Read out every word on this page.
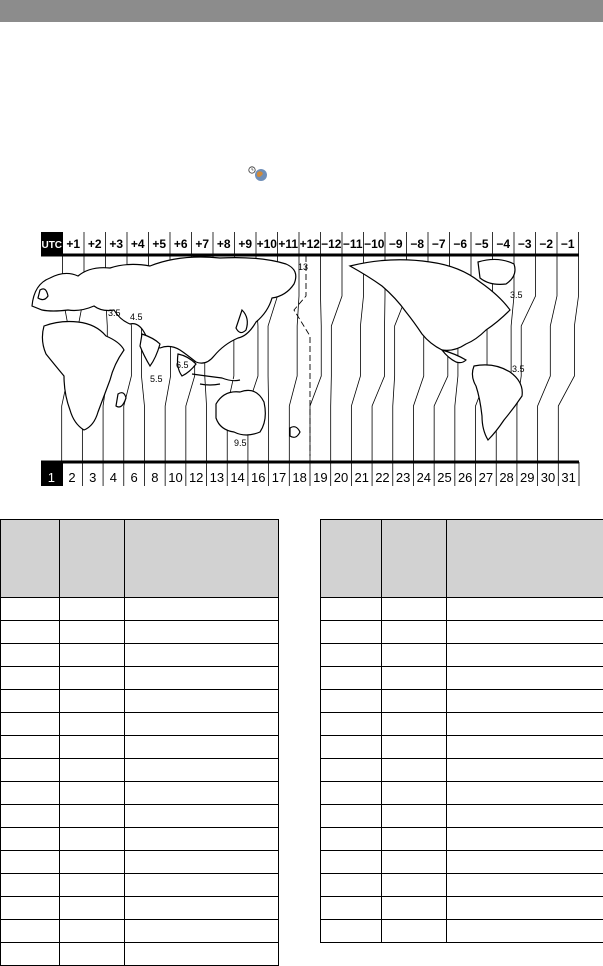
UTC +1 +2 +3 +4 +5 +6 +7 +8 +9 +10 +11 +12 −12 −11 −10 −9 −8 −7 −6 −5 −4 −3 −2 −1
1 2 3 4 6 8 10 12 13 14 16 17 18 19 20 21 22 23 24 25 26 27 28 29 30 31
3.5 4.5
5.5
6.5
9.5
13
3.5
3.5
